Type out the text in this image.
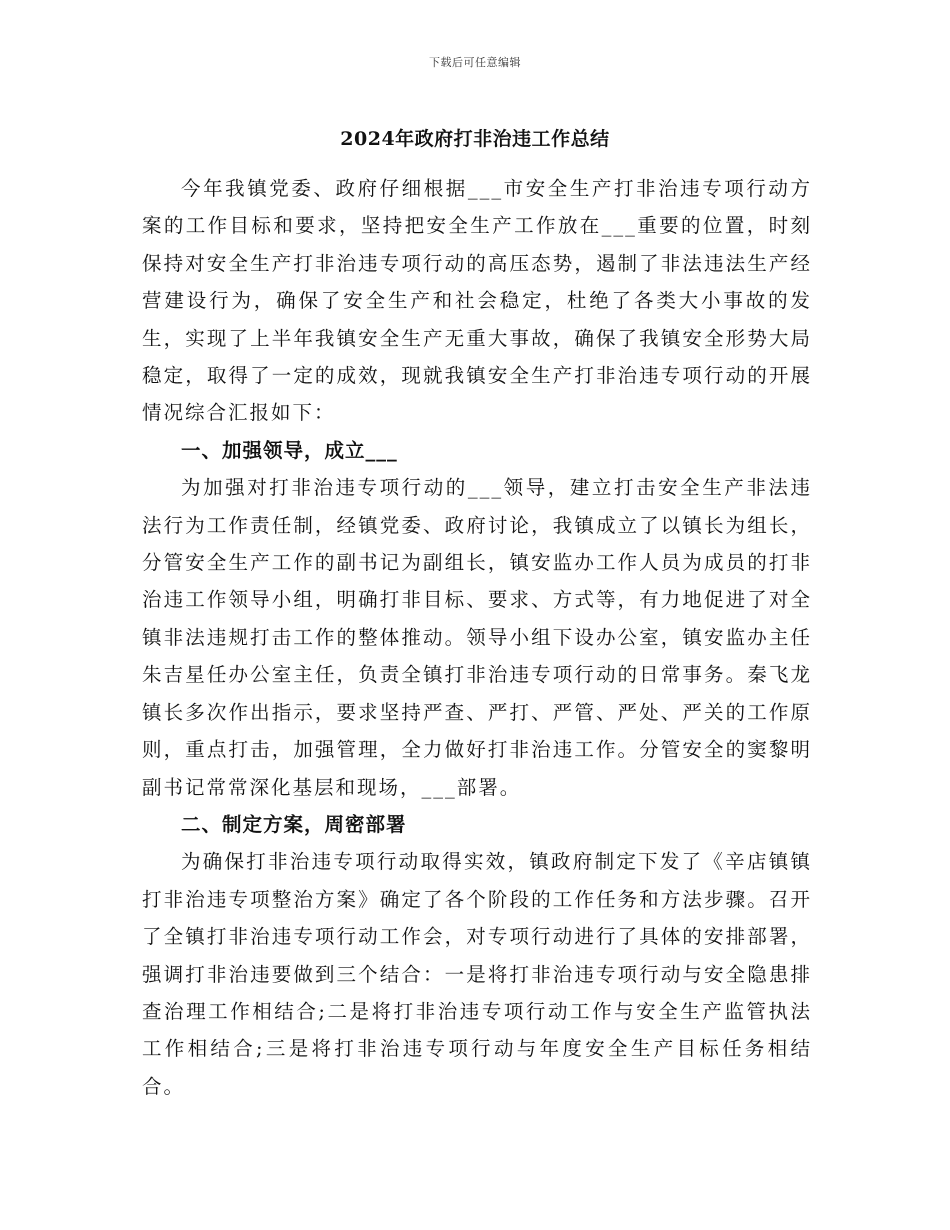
下载后可任意编辑
2024年政府打非治违工作总结

今年我镇党委、政府仔细根据___市安全生产打非治违专项行动方案的工作目标和要求，坚持把安全生产工作放在___重要的位置，时刻保持对安全生产打非治违专项行动的高压态势，遏制了非法违法生产经营建设行为，确保了安全生产和社会稳定，杜绝了各类大小事故的发生，实现了上半年我镇安全生产无重大事故，确保了我镇安全形势大局稳定，取得了一定的成效，现就我镇安全生产打非治违专项行动的开展情况综合汇报如下：

一、加强领导，成立___

为加强对打非治违专项行动的___领导，建立打击安全生产非法违法行为工作责任制，经镇党委、政府讨论，我镇成立了以镇长为组长，分管安全生产工作的副书记为副组长，镇安监办工作人员为成员的打非治违工作领导小组，明确打非目标、要求、方式等，有力地促进了对全镇非法违规打击工作的整体推动。领导小组下设办公室，镇安监办主任朱吉星任办公室主任，负责全镇打非治违专项行动的日常事务。秦飞龙镇长多次作出指示，要求坚持严查、严打、严管、严处、严关的工作原则，重点打击，加强管理，全力做好打非治违工作。分管安全的窦黎明副书记常常深化基层和现场，___部署。

二、制定方案，周密部署

为确保打非治违专项行动取得实效，镇政府制定下发了《辛店镇镇打非治违专项整治方案》确定了各个阶段的工作任务和方法步骤。召开了全镇打非治违专项行动工作会，对专项行动进行了具体的安排部署，强调打非治违要做到三个结合：一是将打非治违专项行动与安全隐患排查治理工作相结合;二是将打非治违专项行动工作与安全生产监管执法工作相结合;三是将打非治违专项行动与年度安全生产目标任务相结合。
